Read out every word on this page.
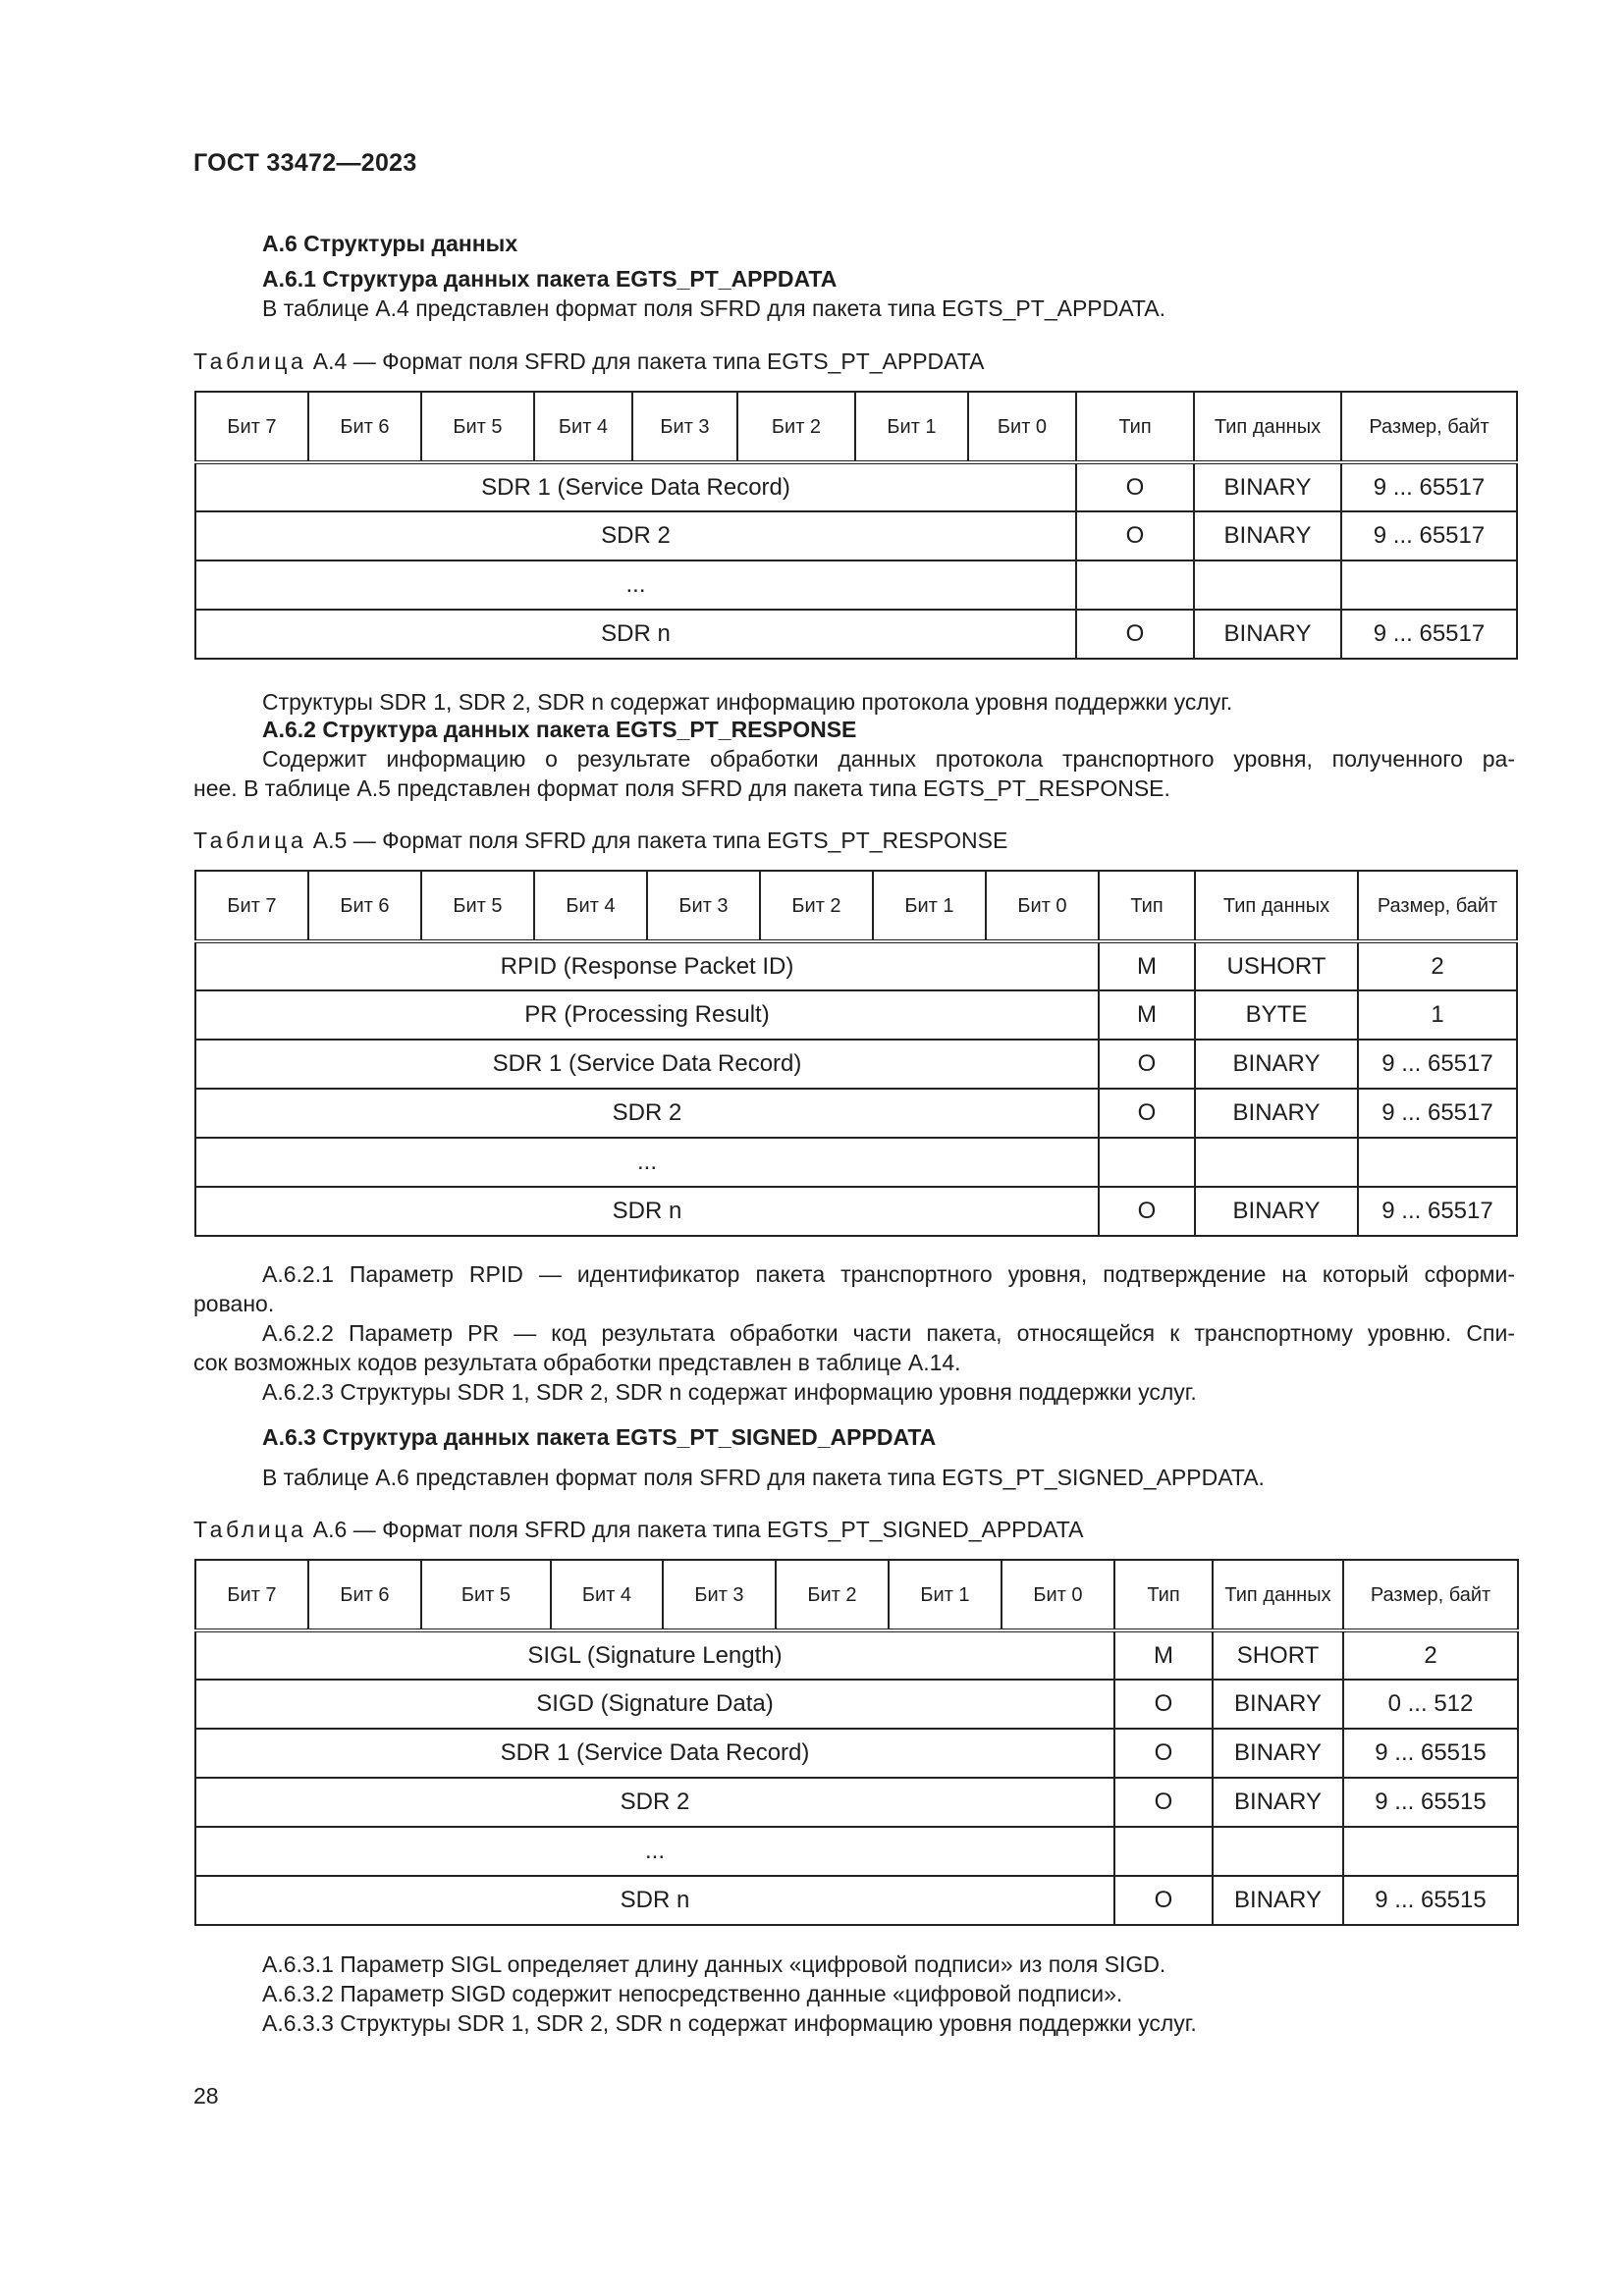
ГОСТ 33472—2023
А.6 Структуры данных
А.6.1 Структура данных пакета EGTS_PT_APPDATA
В таблице А.4 представлен формат поля SFRD для пакета типа EGTS_PT_APPDATA.
Таблица А.4 — Формат поля SFRD для пакета типа EGTS_PT_APPDATA
Бит 7	Бит 6	Бит 5	Бит 4	Бит 3	Бит 2	Бит 1	Бит 0	Тип	Тип данных	Размер, байт
SDR 1 (Service Data Record)								O	BINARY	9 ... 65517
SDR 2								O	BINARY	9 ... 65517
...										
SDR n								O	BINARY	9 ... 65517
Структуры SDR 1, SDR 2, SDR n содержат информацию протокола уровня поддержки услуг.
А.6.2 Структура данных пакета EGTS_PT_RESPONSE
Содержит информацию о результате обработки данных протокола транспортного уровня, полученного ра-
нее. В таблице А.5 представлен формат поля SFRD для пакета типа EGTS_PT_RESPONSE.
Таблица А.5 — Формат поля SFRD для пакета типа EGTS_PT_RESPONSE
Бит 7	Бит 6	Бит 5	Бит 4	Бит 3	Бит 2	Бит 1	Бит 0	Тип	Тип данных	Размер, байт
RPID (Response Packet ID)								M	USHORT	2
PR (Processing Result)								M	BYTE	1
SDR 1 (Service Data Record)								O	BINARY	9 ... 65517
SDR 2								O	BINARY	9 ... 65517
...										
SDR n								O	BINARY	9 ... 65517
А.6.2.1 Параметр RPID — идентификатор пакета транспортного уровня, подтверждение на который сформи-
ровано.
А.6.2.2 Параметр PR — код результата обработки части пакета, относящейся к транспортному уровню. Спи-
сок возможных кодов результата обработки представлен в таблице А.14.
А.6.2.3 Структуры SDR 1, SDR 2, SDR n содержат информацию уровня поддержки услуг.
А.6.3 Структура данных пакета EGTS_PT_SIGNED_APPDATA
В таблице А.6 представлен формат поля SFRD для пакета типа EGTS_PT_SIGNED_APPDATA.
Таблица А.6 — Формат поля SFRD для пакета типа EGTS_PT_SIGNED_APPDATA
Бит 7	Бит 6	Бит 5	Бит 4	Бит 3	Бит 2	Бит 1	Бит 0	Тип	Тип данных	Размер, байт
SIGL (Signature Length)								M	SHORT	2
SIGD (Signature Data)								O	BINARY	0 ... 512
SDR 1 (Service Data Record)								O	BINARY	9 ... 65515
SDR 2								O	BINARY	9 ... 65515
...										
SDR n								O	BINARY	9 ... 65515
А.6.3.1 Параметр SIGL определяет длину данных «цифровой подписи» из поля SIGD.
А.6.3.2 Параметр SIGD содержит непосредственно данные «цифровой подписи».
А.6.3.3 Структуры SDR 1, SDR 2, SDR n содержат информацию уровня поддержки услуг.
28
